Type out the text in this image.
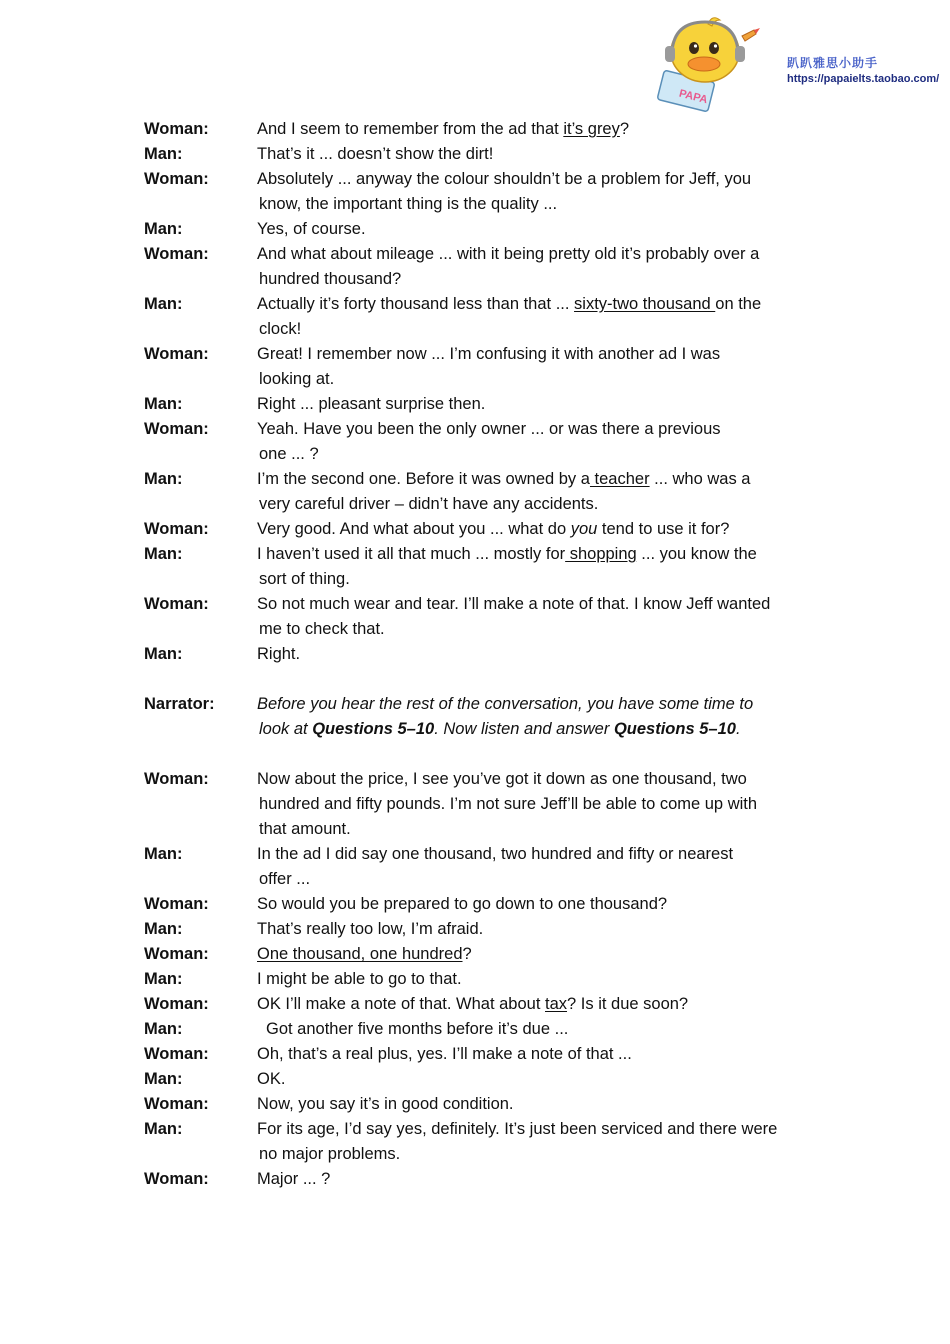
PAPA
趴趴雅思小助手
https://papaielts.taobao.com/
Woman:	And I seem to remember from the ad that it’s grey?
Man:	That’s it ... doesn’t show the dirt!
Woman:	Absolutely ... anyway the colour shouldn’t be a problem for Jeff, you
know, the important thing is the quality ...
Man:	Yes, of course.
Woman:	And what about mileage ... with it being pretty old it’s probably over a
hundred thousand?
Man:	Actually it’s forty thousand less than that ... sixty-two thousand on the
clock!
Woman:	Great! I remember now ... I’m confusing it with another ad I was
looking at.
Man:	Right ... pleasant surprise then.
Woman:	Yeah. Have you been the only owner ... or was there a previous
one ... ?
Man:	I’m the second one. Before it was owned by a teacher ... who was a
very careful driver – didn’t have any accidents.
Woman:	Very good. And what about you ... what do you tend to use it for?
Man:	I haven’t used it all that much ... mostly for shopping ... you know the
sort of thing.
Woman:	So not much wear and tear. I’ll make a note of that. I know Jeff wanted
me to check that.
Man:	Right.
Narrator:	Before you hear the rest of the conversation, you have some time to
look at Questions 5–10. Now listen and answer Questions 5–10.
Woman:	Now about the price, I see you’ve got it down as one thousand, two
hundred and fifty pounds. I’m not sure Jeff’ll be able to come up with
that amount.
Man:	In the ad I did say one thousand, two hundred and fifty or nearest
offer ...
Woman:	So would you be prepared to go down to one thousand?
Man:	That’s really too low, I’m afraid.
Woman:	One thousand, one hundred?
Man:	I might be able to go to that.
Woman:	OK I’ll make a note of that. What about tax? Is it due soon?
Man:	Got another five months before it’s due ...
Woman:	Oh, that’s a real plus, yes. I’ll make a note of that ...
Man:	OK.
Woman:	Now, you say it’s in good condition.
Man:	For its age, I’d say yes, definitely. It’s just been serviced and there were
no major problems.
Woman:	Major ... ?
